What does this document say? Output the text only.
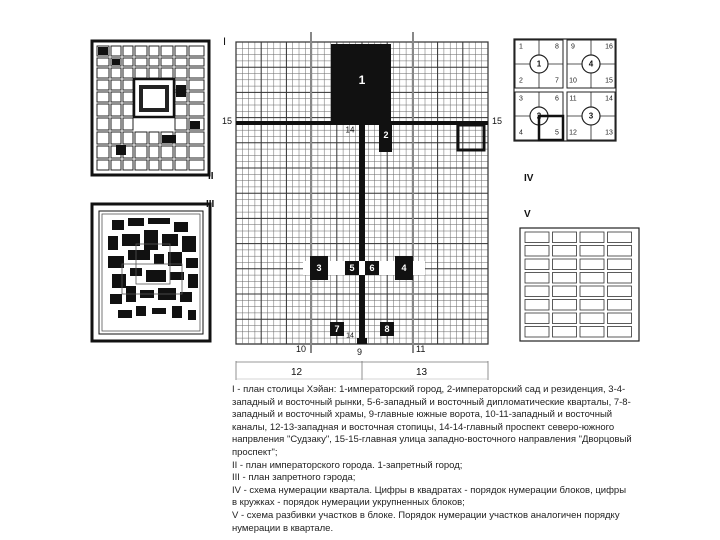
1
2
3	5 6	4
7	8
14
14
1	8
2	7
1
9	16
10	15
4
3	6
4	5
2
11	14
12	13
3
I
II
III
IV
V
15	15
10	9	11
12	13
I - план столицы Хэйан: 1-императорский город, 2-императорский сад и резиденция, 3-4-западный и восточный рынки, 5-6-западный и восточный дипломатические кварталы, 7-8-западный и восточный храмы, 9-главные южные ворота, 10-11-западный и восточный каналы, 12-13-западная и восточная стопицы, 14-14-главный проспект северо-южного напрвления "Судзаку", 15-15-главная улица западно-восточного направления "Дворцовый проспект";
II - план императорского города. 1-запретный город;
III - план запретного гэрода;
IV - схема нумерации квартала. Цифры в квадратах - порядок нумерации блоков, цифры в кружках - порядок нумерации укрупненных блоков;
V - схема разбивки участков в блоке. Порядок нумерации участков аналогичен порядку нумерации в квартале.
